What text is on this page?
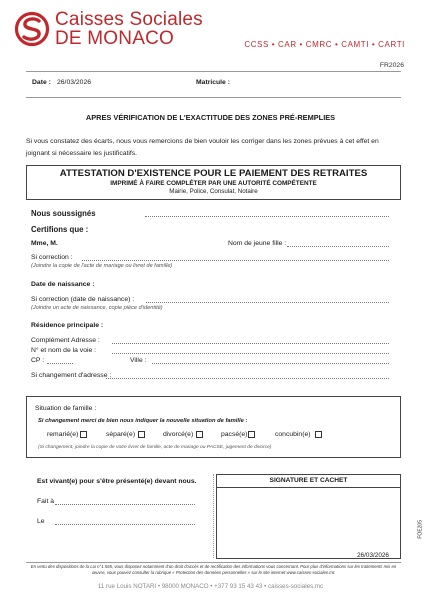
Caisses Sociales
DE MONACO	CCSS • CAR • CMRC • CAMTI • CARTI
FR2026
Date : 26/03/2026	Matricule :
APRES VÉRIFICATION DE L'EXACTITUDE DES ZONES PRÉ-REMPLIES
Si vous constatez des écarts, nous vous remercions de bien vouloir les corriger dans les zones prévues à cet effet en joignant si nécessaire les justificatifs.
ATTESTATION D'EXISTENCE POUR LE PAIEMENT DES RETRAITES
IMPRIMÉ À FAIRE COMPLÉTER PAR UNE AUTORITÉ COMPÉTENTE
Mairie, Police, Consulat, Notaire
Nous soussignés
Certifions que :
Mme, M.	Nom de jeune fille :
Si correction :
(Joindre la copie de l'acte de mariage ou livret de famille)
Date de naissance :
Si correction (date de naissance) :
(Joindre un acte de naissance, copie pièce d'identité)
Résidence principale :
Complément Adresse :
N° et nom de la voie :
CP :	Ville :
Si changement d'adresse :
Situation de famille :
Si changement merci de bien nous indiquer la nouvelle situation de famille :
remarié(e)	séparé(e)	divorcé(e)	pacsé(e)	concubin(e)
(Si changement, joindre la copie de votre livret de famille, acte de mariage ou PACSE, jugement de divorce)
Est vivant(e) pour s'être présenté(e) devant nous.
Fait à
Le
SIGNATURE ET CACHET
FOE205
26/03/2026
En vertu des dispositions de la Loi n°1.565, vous disposez notamment d'un droit d'accès et de rectification des informations vous concernant. Pour plus d'informations sur les traitements mis en œuvre, vous pouvez consulter la rubrique « Protection des données personnelles » sur le site internet www.caisses-sociales.mc
11 rue Louis NOTARI • 98000 MONACO • +377 93 15 43 43 • caisses-sociales.mc
